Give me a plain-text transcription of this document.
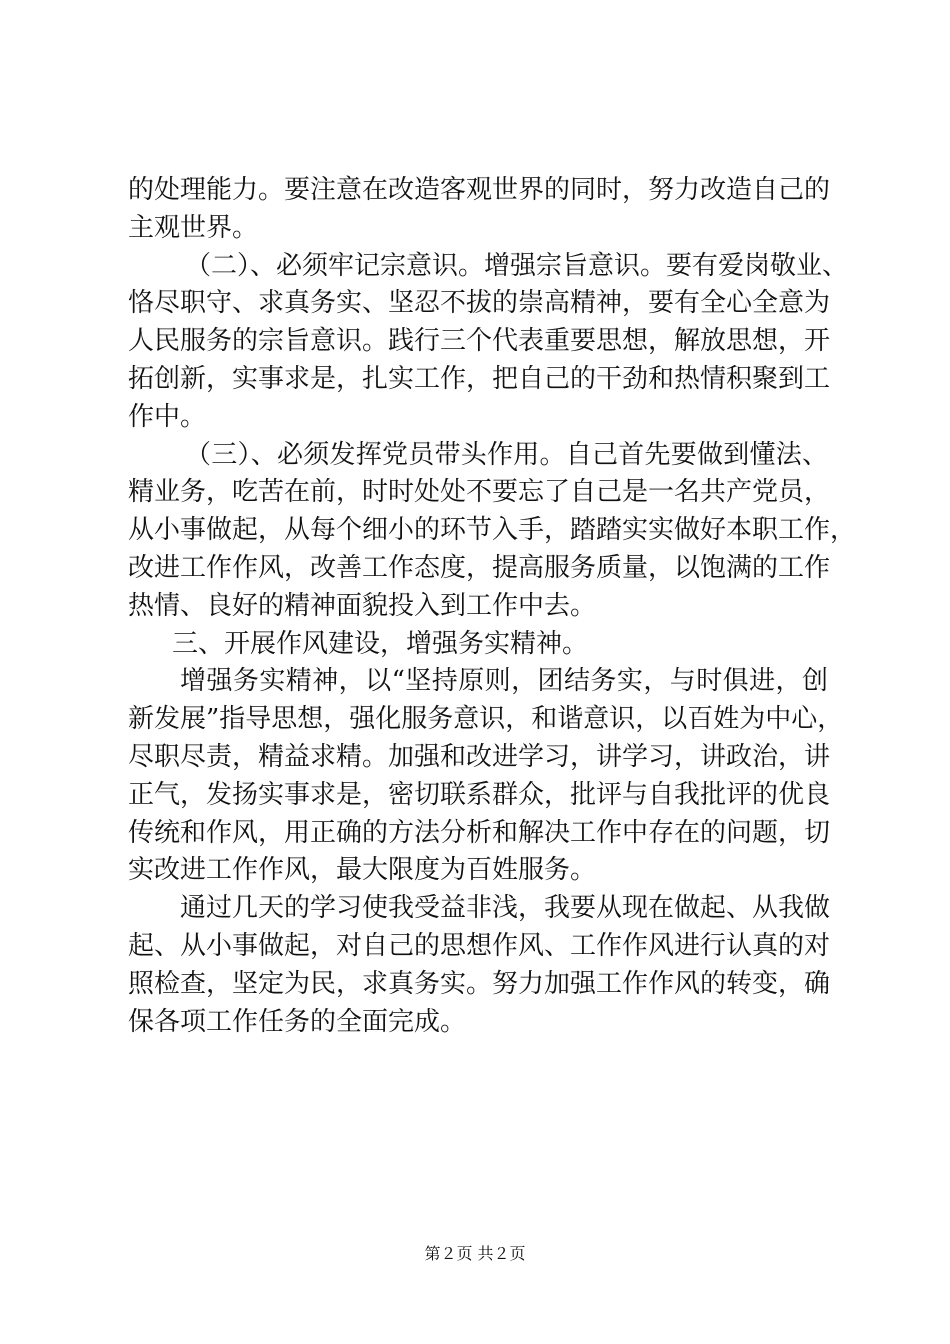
的处理能力。要注意在改造客观世界的同时，努力改造自己的
主观世界。
（二）、必须牢记宗意识。增强宗旨意识。要有爱岗敬业、
恪尽职守、求真务实、坚忍不拔的崇高精神，要有全心全意为
人民服务的宗旨意识。践行三个代表重要思想，解放思想，开
拓创新，实事求是，扎实工作，把自己的干劲和热情积聚到工
作中。
（三）、必须发挥党员带头作用。自己首先要做到懂法、
精业务，吃苦在前，时时处处不要忘了自己是一名共产党员，
从小事做起，从每个细小的环节入手，踏踏实实做好本职工作，
改进工作作风，改善工作态度，提高服务质量，以饱满的工作
热情、良好的精神面貌投入到工作中去。
三、开展作风建设，增强务实精神。
增强务实精神，以“坚持原则，团结务实，与时俱进，创
新发展”指导思想，强化服务意识，和谐意识，以百姓为中心，
尽职尽责，精益求精。加强和改进学习，讲学习，讲政治，讲
正气，发扬实事求是，密切联系群众，批评与自我批评的优良
传统和作风，用正确的方法分析和解决工作中存在的问题，切
实改进工作作风，最大限度为百姓服务。
通过几天的学习使我受益非浅，我要从现在做起、从我做
起、从小事做起，对自己的思想作风、工作作风进行认真的对
照检查，坚定为民，求真务实。努力加强工作作风的转变，确
保各项工作任务的全面完成。
第２页 共２页
